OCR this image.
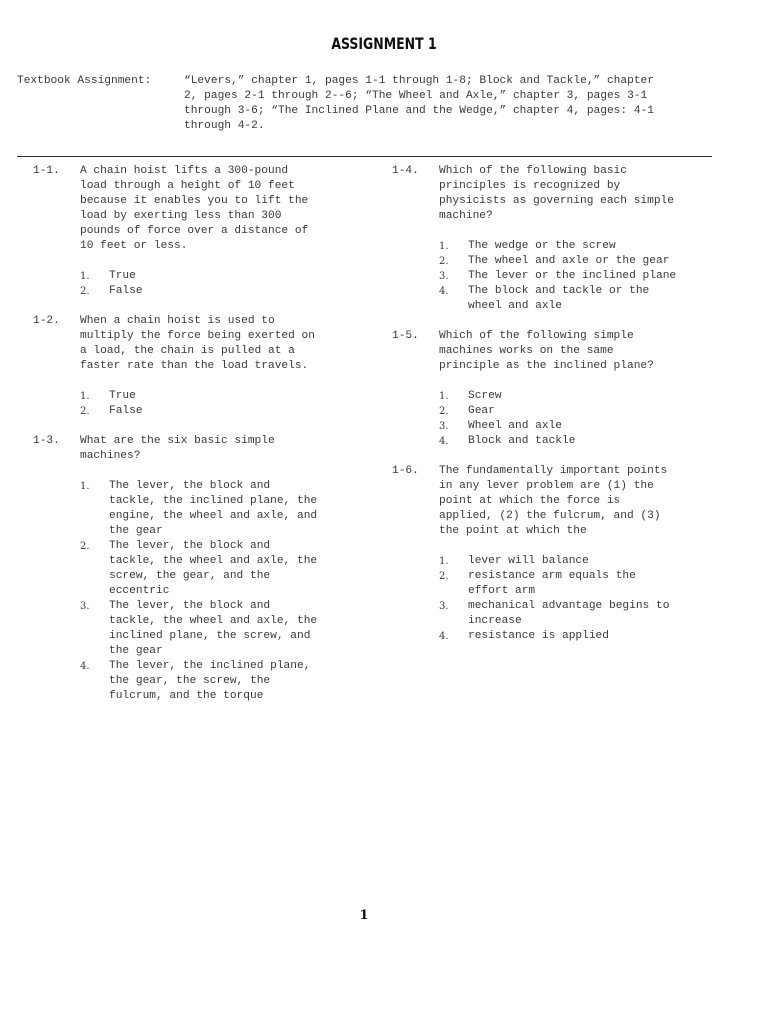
ASSIGNMENT 1
Textbook Assignment:	“Levers,” chapter 1, pages 1-1 through 1-8; Block and Tackle,” chapter
2, pages 2-1 through 2--6; “The Wheel and Axle,” chapter 3, pages 3-1
through 3-6; “The Inclined Plane and the Wedge,” chapter 4, pages: 4-1
through 4-2.
1-1.	A chain hoist lifts a 300-pound
load through a height of 10 feet
because it enables you to lift the
load by exerting less than 300
pounds of force over a distance of
10 feet or less.
1. True
2. False
1-2.	When a chain hoist is used to
multiply the force being exerted on
a load, the chain is pulled at a
faster rate than the load travels.
1. True
2. False
1-3.	What are the six basic simple
machines?
1. The lever, the block and
tackle, the inclined plane, the
engine, the wheel and axle, and
the gear
2. The lever, the block and
tackle, the wheel and axle, the
screw, the gear, and the
eccentric
3. The lever, the block and
tackle, the wheel and axle, the
inclined plane, the screw, and
the gear
4. The lever, the inclined plane,
the gear, the screw, the
fulcrum, and the torque
1-4.	Which of the following basic
principles is recognized by
physicists as governing each simple
machine?
1. The wedge or the screw
2. The wheel and axle or the gear
3. The lever or the inclined plane
4. The block and tackle or the
wheel and axle
1-5.	Which of the following simple
machines works on the same
principle as the inclined plane?
1. Screw
2. Gear
3. Wheel and axle
4. Block and tackle
1-6.	The fundamentally important points
in any lever problem are (1) the
point at which the force is
applied, (2) the fulcrum, and (3)
the point at which the
1. lever will balance
2. resistance arm equals the
effort arm
3. mechanical advantage begins to
increase
4. resistance is applied
1
